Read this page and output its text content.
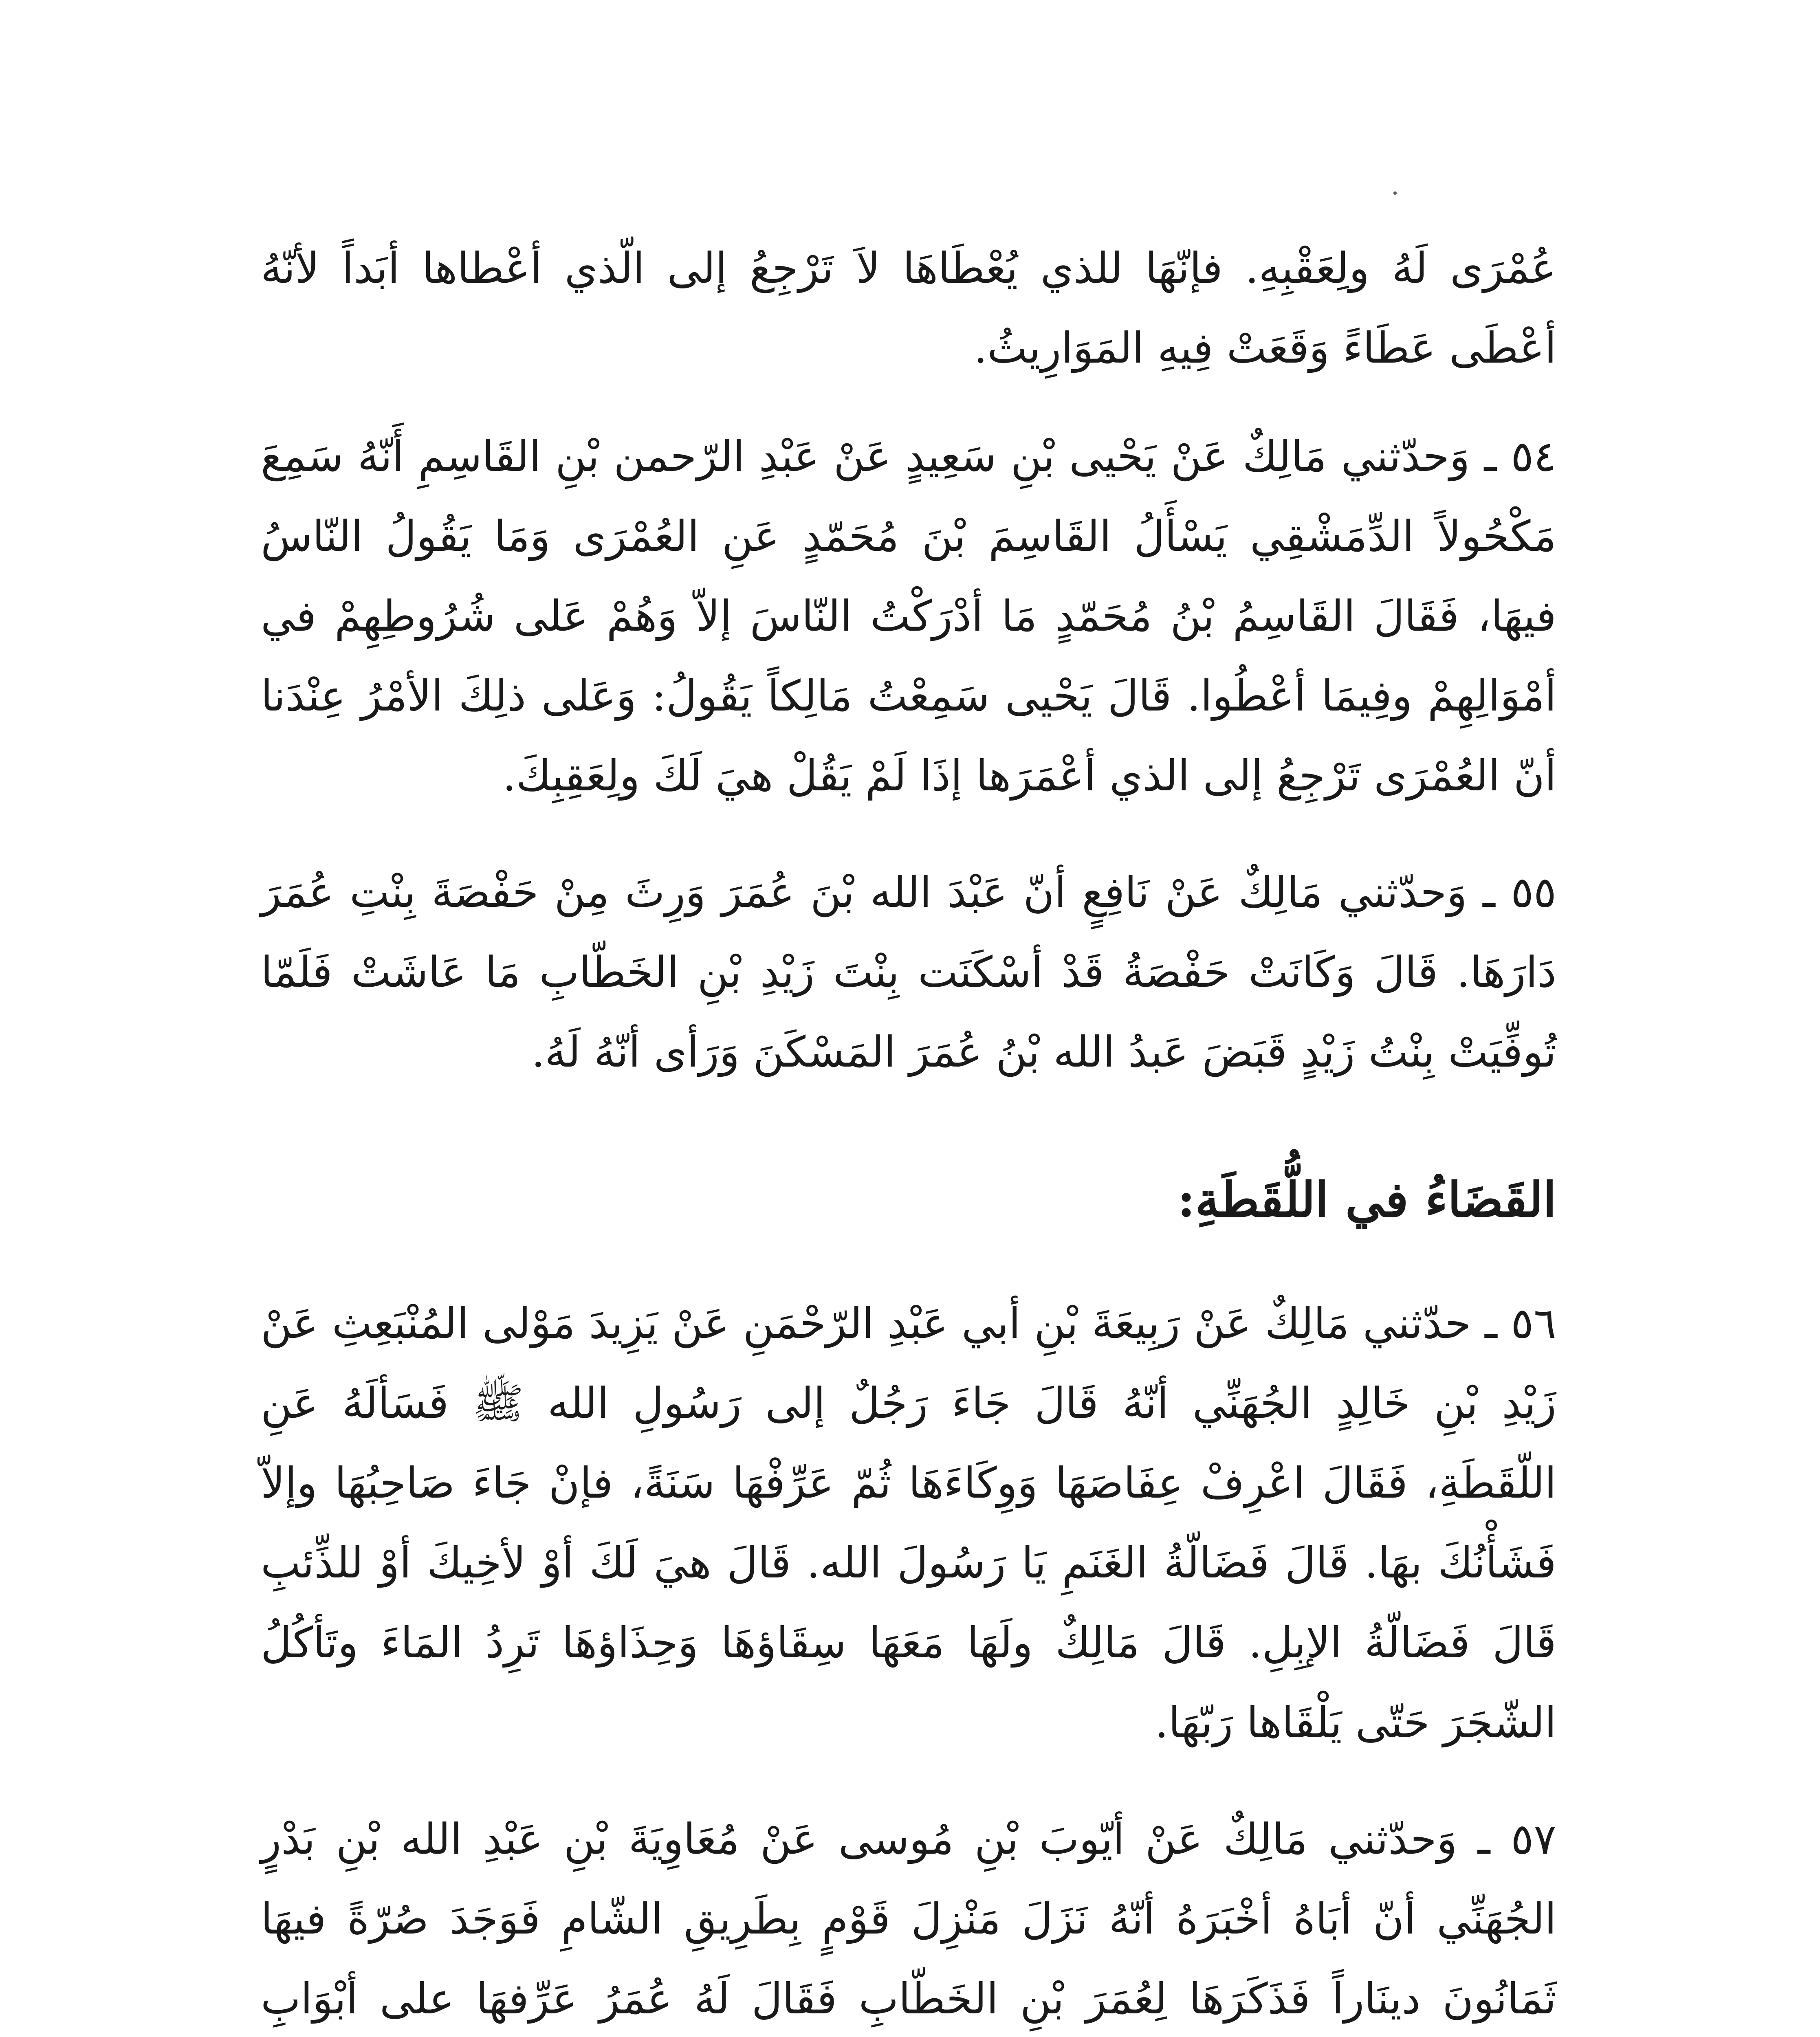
عُمْرَى لَهُ ولِعَقْبِهِ. فإنّهَا للذي يُعْطَاهَا لاَ تَرْجِعُ إلى الّذي أعْطاها أبَداً لأنّهُ أعْطَى عَطَاءً وَقَعَتْ فِيهِ المَوَارِيثُ.

٥٤ ـ وَحدّثني مَالِكٌ عَنْ يَحْيى بْنِ سَعِيدٍ عَنْ عَبْدِ الرّحمن بْنِ القَاسِمِ أَنّهُ سَمِعَ مَكْحُولاً الدِّمَشْقِي يَسْأَلُ القَاسِمَ بْنَ مُحَمّدٍ عَنِ العُمْرَى وَمَا يَقُولُ النّاسُ فيهَا، فَقَالَ القَاسِمُ بْنُ مُحَمّدٍ مَا أدْرَكْتُ النّاسَ إلاّ وَهُمْ عَلى شُرُوطِهِمْ في أمْوَالِهِمْ وفِيمَا أعْطُوا. قَالَ يَحْيى سَمِعْتُ مَالِكاً يَقُولُ: وَعَلى ذلِكَ الأمْرُ عِنْدَنا أنّ العُمْرَى تَرْجِعُ إلى الذي أعْمَرَها إذَا لَمْ يَقُلْ هيَ لَكَ ولِعَقِبِكَ.

٥٥ ـ وَحدّثني مَالِكٌ عَنْ نَافِعٍ أنّ عَبْدَ الله بْنَ عُمَرَ وَرِثَ مِنْ حَفْصَةَ بِنْتِ عُمَرَ دَارَهَا. قَالَ وَكَانَتْ حَفْصَةُ قَدْ أسْكَنَت بِنْتَ زَيْدِ بْنِ الخَطّابِ مَا عَاشَتْ فَلَمّا تُوفِّيَتْ بِنْتُ زَيْدٍ قَبَضَ عَبدُ الله بْنُ عُمَرَ المَسْكَنَ وَرَأى أنّهُ لَهُ.

القَضَاءُ في اللُّقَطَةِ:

٥٦ ـ حدّثني مَالِكٌ عَنْ رَبِيعَةَ بْنِ أبي عَبْدِ الرّحْمَنِ عَنْ يَزِيدَ مَوْلى المُنْبَعِثِ عَنْ زَيْدِ بْنِ خَالِدٍ الجُهَنِّي أنّهُ قَالَ جَاءَ رَجُلٌ إلى رَسُولِ الله ﷺ فَسَألَهُ عَنِ اللّقَطَةِ، فَقَالَ اعْرِفْ عِفَاصَهَا وَوِكَاءَهَا ثُمّ عَرِّفْهَا سَنَةً، فإنْ جَاءَ صَاحِبُهَا وإلاّ فَشَأْنُكَ بهَا. قَالَ فَضَالّةُ الغَنَمِ يَا رَسُولَ الله. قَالَ هيَ لَكَ أوْ لأخِيكَ أوْ للذِّئبِ قَالَ فَضَالّةُ الإبِلِ. قَالَ مَالِكٌ ولَهَا مَعَهَا سِقَاؤهَا وَحِذَاؤهَا تَرِدُ المَاءَ وتَأكُلُ الشّجَرَ حَتّى يَلْقَاها رَبّهَا.

٥٧ ـ وَحدّثني مَالِكٌ عَنْ أيّوبَ بْنِ مُوسى عَنْ مُعَاوِيَةَ بْنِ عَبْدِ الله بْنِ بَدْرٍ الجُهَنِّي أنّ أبَاهُ أخْبَرَهُ أنّهُ نَزَلَ مَنْزِلَ قَوْمٍ بِطَرِيقِ الشّامِ فَوَجَدَ صُرّةً فيهَا ثَمَانُونَ دينَاراً فَذَكَرَهَا لِعُمَرَ بْنِ الخَطّابِ فَقَالَ لَهُ عُمَرُ عَرِّفهَا على أبْوَابِ
